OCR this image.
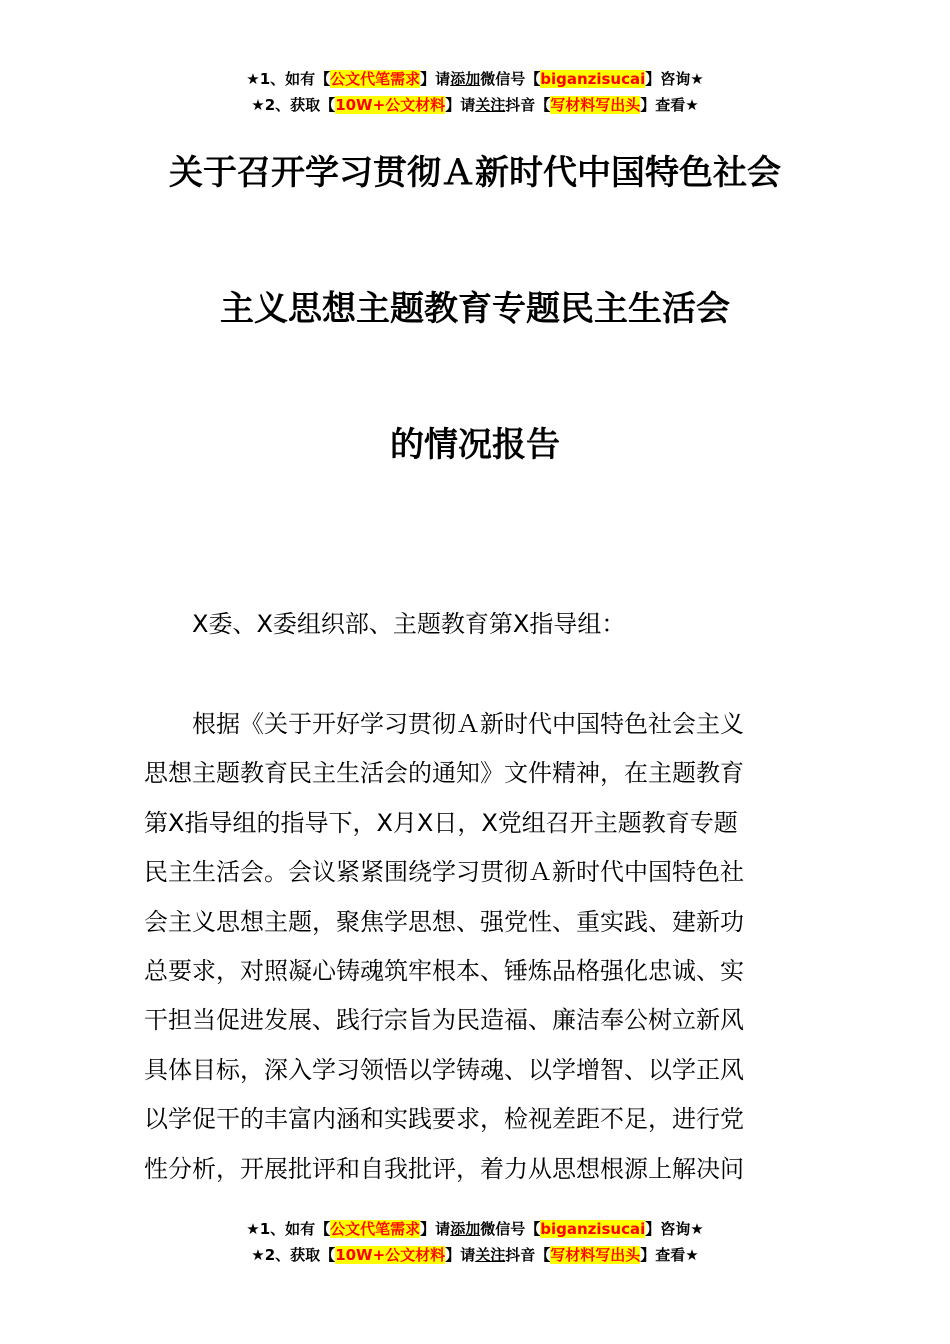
★1、如有【公文代笔需求】请添加微信号【biganzisucai】咨询★
★2、获取【10W+公文材料】请关注抖音【写材料写出头】查看★
关于召开学习贯彻Ａ新时代中国特色社会
主义思想主题教育专题民主生活会
的情况报告
X委、X委组织部、主题教育第X指导组：
　　根据《关于开好学习贯彻Ａ新时代中国特色社会主义
思想主题教育民主生活会的通知》文件精神，在主题教育
第X指导组的指导下，X月X日，X党组召开主题教育专题
民主生活会。会议紧紧围绕学习贯彻Ａ新时代中国特色社
会主义思想主题，聚焦学思想、强党性、重实践、建新功
总要求，对照凝心铸魂筑牢根本、锤炼品格强化忠诚、实
干担当促进发展、践行宗旨为民造福、廉洁奉公树立新风
具体目标，深入学习领悟以学铸魂、以学增智、以学正风
以学促干的丰富内涵和实践要求，检视差距不足，进行党
性分析，开展批评和自我批评，着力从思想根源上解决问
★1、如有【公文代笔需求】请添加微信号【biganzisucai】咨询★
★2、获取【10W+公文材料】请关注抖音【写材料写出头】查看★
